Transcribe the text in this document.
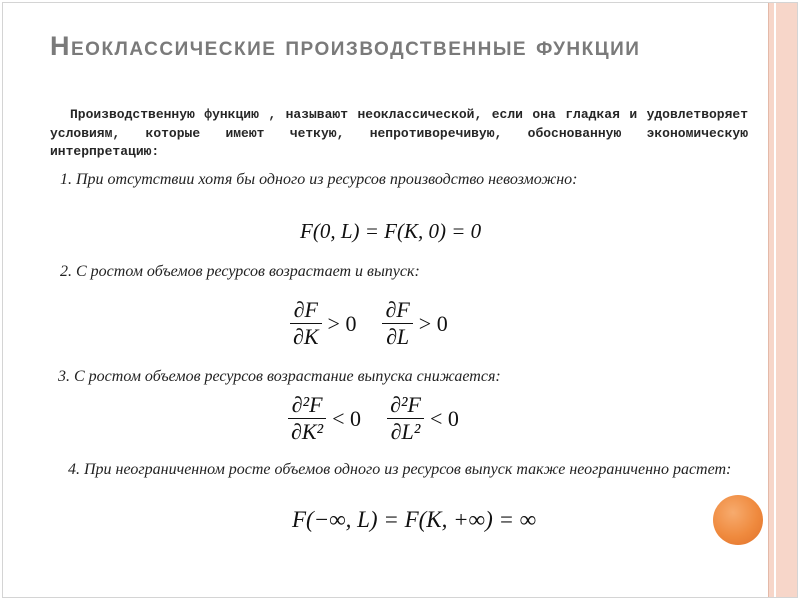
Неоклассические производственные функции

Производственную функцию , называют неоклассической, если она гладкая и удовлетворяет условиям, которые имеют четкую, непротиворечивую, обоснованную экономическую интерпретацию:

1. При отсутствии хотя бы одного из ресурсов производство невозможно:
F(0, L) = F(K, 0) = 0
2. С ростом объемов ресурсов возрастает и выпуск:
$\frac{\partial F}{\partial K} > 0 \frac{\partial F}{\partial L} > 0$
3. С ростом объемов ресурсов возрастание выпуска снижается:
$\frac{\text{∂²F}}{\text{∂K²}} < 0 \frac{\text{∂²F}}{\text{∂L²}} < 0$
4. При неограниченном росте объемов одного из ресурсов выпуск также неограниченно растет:
F(−∞, L) = F(K, +∞) = ∞
